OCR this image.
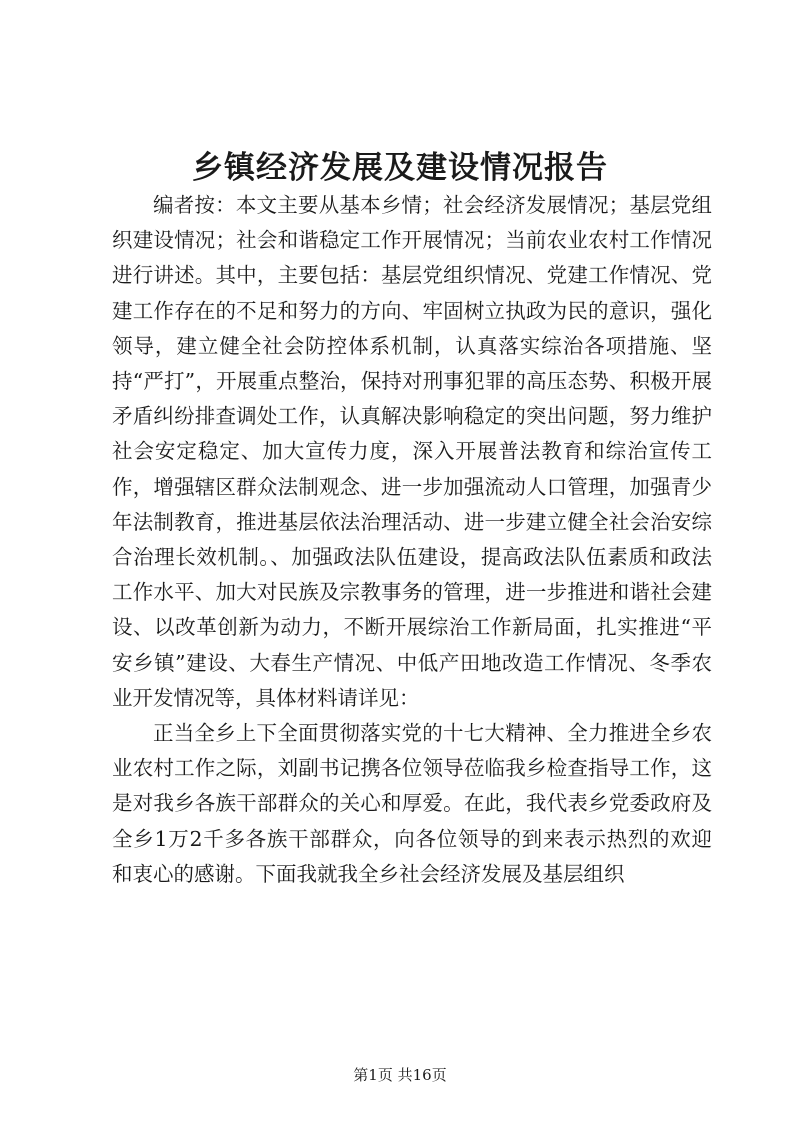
乡镇经济发展及建设情况报告

编者按：本文主要从基本乡情；社会经济发展情况；基层党组织建设情况；社会和谐稳定工作开展情况；当前农业农村工作情况进行讲述。其中，主要包括：基层党组织情况、党建工作情况、党建工作存在的不足和努力的方向、牢固树立执政为民的意识，强化领导，建立健全社会防控体系机制，认真落实综治各项措施、坚持“严打”，开展重点整治，保持对刑事犯罪的高压态势、积极开展矛盾纠纷排查调处工作，认真解决影响稳定的突出问题，努力维护社会安定稳定、加大宣传力度，深入开展普法教育和综治宣传工作，增强辖区群众法制观念、进一步加强流动人口管理，加强青少年法制教育，推进基层依法治理活动、进一步建立健全社会治安综合治理长效机制。、加强政法队伍建设，提高政法队伍素质和政法工作水平、加大对民族及宗教事务的管理，进一步推进和谐社会建设、以改革创新为动力，不断开展综治工作新局面，扎实推进“平安乡镇”建设、大春生产情况、中低产田地改造工作情况、冬季农业开发情况等，具体材料请详见：

正当全乡上下全面贯彻落实党的十七大精神、全力推进全乡农业农村工作之际，刘副书记携各位领导莅临我乡检查指导工作，这是对我乡各族干部群众的关心和厚爱。在此，我代表乡党委政府及全乡1万2千多各族干部群众，向各位领导的到来表示热烈的欢迎和衷心的感谢。下面我就我全乡社会经济发展及基层组织

第1页 共16页
